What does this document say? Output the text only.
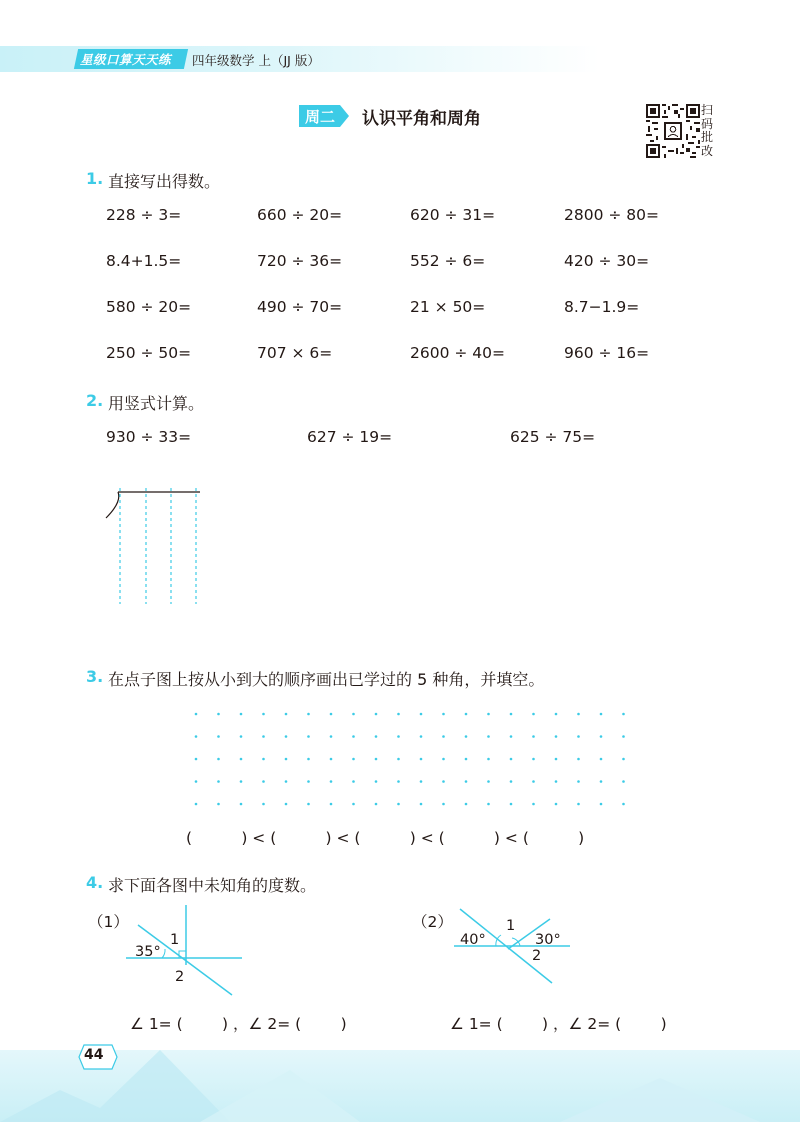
星级口算天天练 四年级数学 上（JJ 版）
周二 认识平角和周角	扫码批改
1. 直接写出得数。
228 ÷ 3=	660 ÷ 20=	620 ÷ 31=	2800 ÷ 80=
8.4+1.5=	720 ÷ 36=	552 ÷ 6=	420 ÷ 30=
580 ÷ 20=	490 ÷ 70=	21 × 50=	8.7−1.9=
250 ÷ 50=	707 × 6=	2600 ÷ 40=	960 ÷ 16=
2. 用竖式计算。
930 ÷ 33=	627 ÷ 19=	625 ÷ 75=
3. 在点子图上按从小到大的顺序画出已学过的 5 种角，并填空。
(          ) < (          ) < (          ) < (          ) < (          )
4. 求下面各图中未知角的度数。
（1）
35°
1
2
（2）
40°
1
30°
2
∠ 1= (        ) ，∠ 2= (        )	∠ 1= (        ) ，∠ 2= (        )
44
